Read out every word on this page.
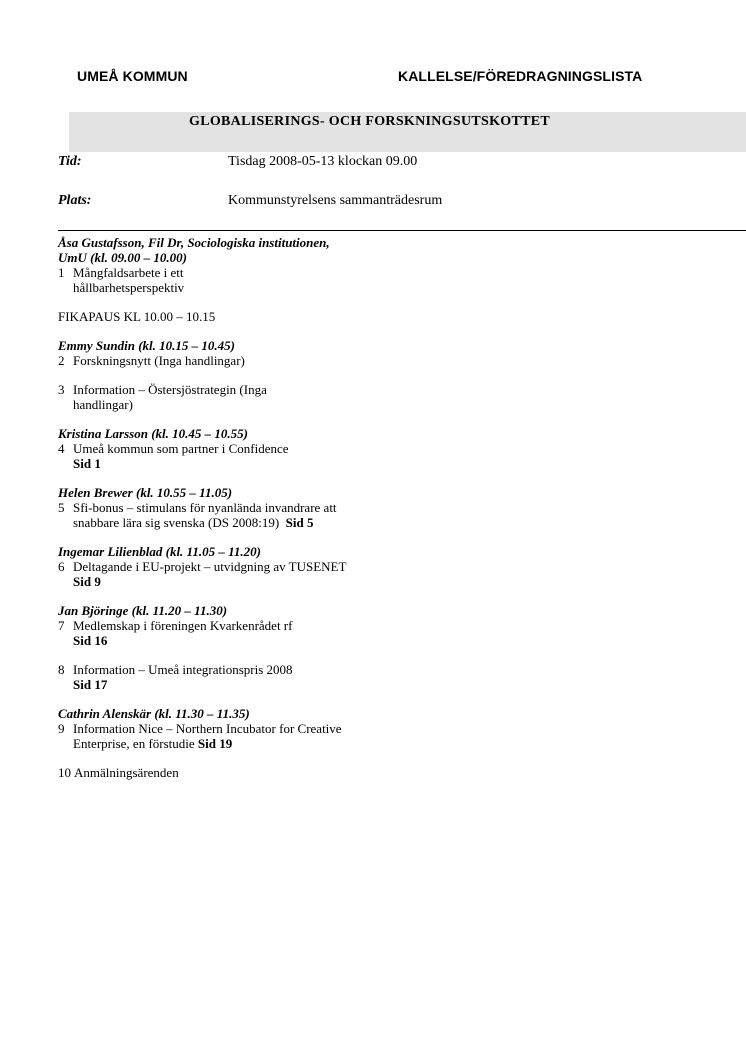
UMEÅ KOMMUN	KALLELSE/FÖREDRAGNINGSLISTA
GLOBALISERINGS- OCH FORSKNINGSUTSKOTTET
Tid:	Tisdag 2008-05-13 klockan 09.00
Plats:	Kommunstyrelsens sammanträdesrum
Åsa Gustafsson, Fil Dr, Sociologiska institutionen, UmU (kl. 09.00 – 10.00)
1 Mångfaldsarbete i ett hållbarhetsperspektiv
FIKAPAUS KL 10.00 – 10.15
Emmy Sundin (kl. 10.15 – 10.45)
2 Forskningsnytt (Inga handlingar)
3 Information – Östersjöstrategin (Inga handlingar)
Kristina Larsson (kl. 10.45 – 10.55)
4 Umeå kommun som partner i Confidence
Sid 1
Helen Brewer (kl. 10.55 – 11.05)
5 Sfi-bonus – stimulans för nyanlända invandrare att snabbare lära sig svenska (DS 2008:19) Sid 5
Ingemar Lilienblad (kl. 11.05 – 11.20)
6 Deltagande i EU-projekt – utvidgning av TUSENET Sid 9
Jan Björinge (kl. 11.20 – 11.30)
7 Medlemskap i föreningen Kvarkenrådet rf
Sid 16
8 Information – Umeå integrationspris 2008
Sid 17
Cathrin Alenskär (kl. 11.30 – 11.35)
9 Information Nice – Northern Incubator for Creative Enterprise, en förstudie Sid 19
10 Anmälningsärenden
